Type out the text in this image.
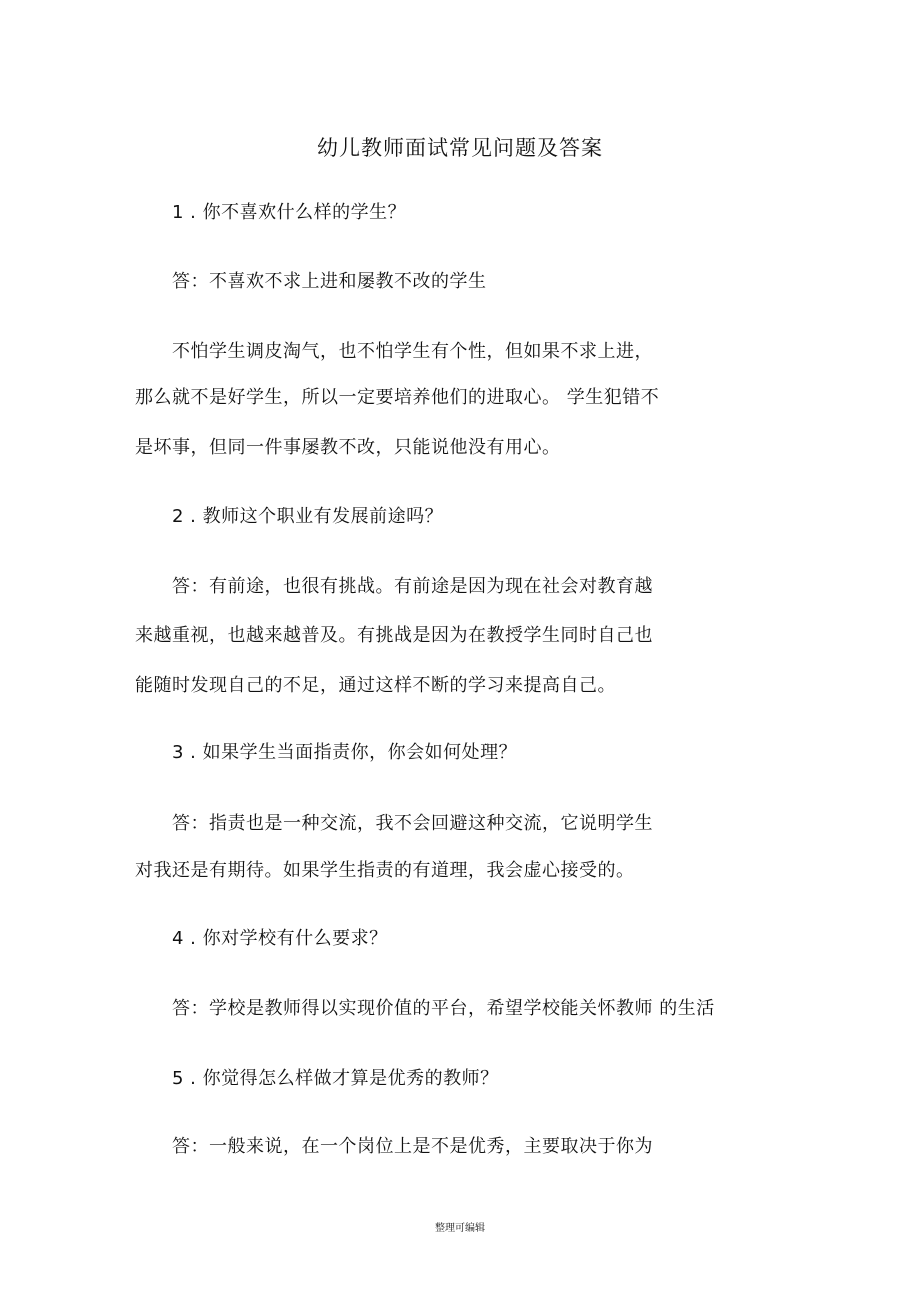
幼儿教师面试常见问题及答案
1 . 你不喜欢什么样的学生？
答：不喜欢不求上进和屡教不改的学生
不怕学生调皮淘气，也不怕学生有个性，但如果不求上进，
那么就不是好学生，所以一定要培养他们的进取心。 学生犯错不
是坏事，但同一件事屡教不改，只能说他没有用心。
2 . 教师这个职业有发展前途吗？
答：有前途，也很有挑战。有前途是因为现在社会对教育越
来越重视，也越来越普及。有挑战是因为在教授学生同时自己也
能随时发现自己的不足，通过这样不断的学习来提高自己。
3 . 如果学生当面指责你，你会如何处理？
答：指责也是一种交流，我不会回避这种交流，它说明学生
对我还是有期待。如果学生指责的有道理，我会虚心接受的。
4 . 你对学校有什么要求？
答：学校是教师得以实现价值的平台，希望学校能关怀教师 的生活
5 . 你觉得怎么样做才算是优秀的教师？
答：一般来说，在一个岗位上是不是优秀，主要取决于你为
整理可编辑
